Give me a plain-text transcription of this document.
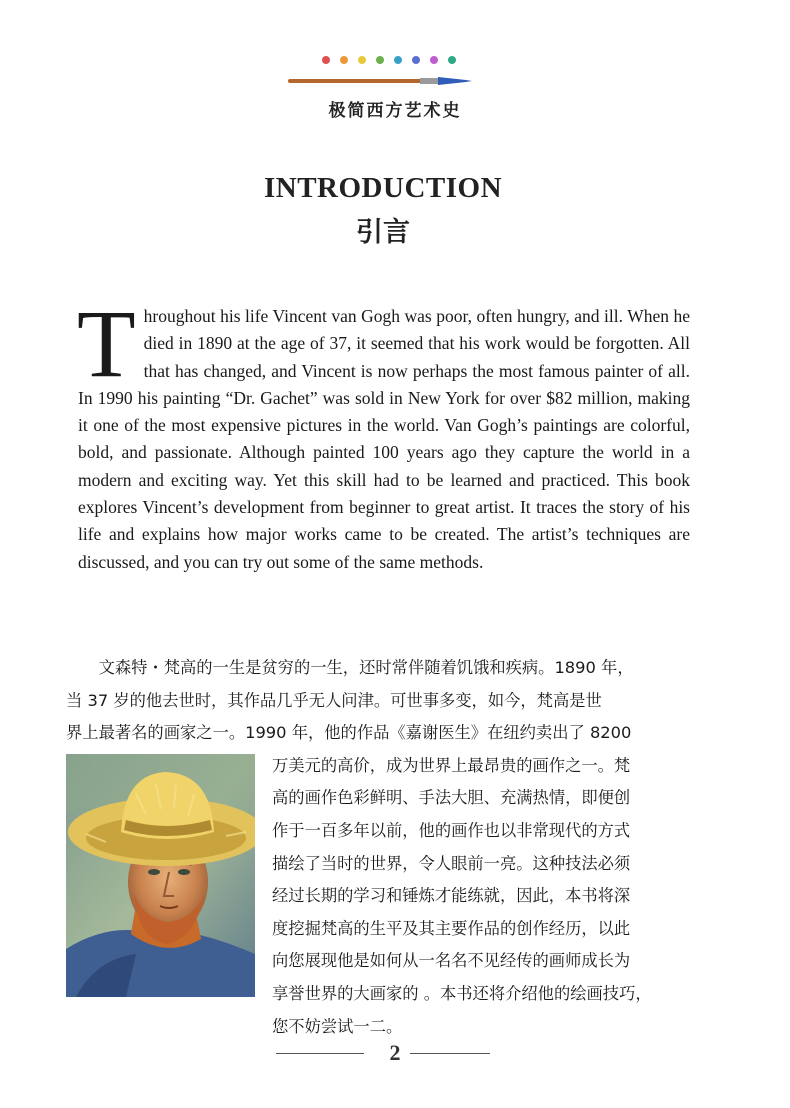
极简西方艺术史
INTRODUCTION
引言

Throughout his life Vincent van Gogh was poor, often hungry, and ill. When he died in 1890 at the age of 37, it seemed that his work would be forgotten. All that has changed, and Vincent is now perhaps the most famous painter of all. In 1990 his painting “Dr. Gachet” was sold in New York for over $82 million, making it one of the most expensive pictures in the world. Van Gogh’s paintings are colorful, bold, and passionate. Although painted 100 years ago they capture the world in a modern and exciting way. Yet this skill had to be learned and practiced. This book explores Vincent’s development from beginner to great artist. It traces the story of his life and explains how major works came to be created. The artist’s techniques are discussed, and you can try out some of the same methods.

　　文森特・梵高的一生是贫穷的一生，还时常伴随着饥饿和疾病。1890 年，
当 37 岁的他去世时，其作品几乎无人问津。可世事多变，如今，梵高是世
界上最著名的画家之一。1990 年，他的作品《嘉谢医生》在纽约卖出了 8200
万美元的高价，成为世界上最昂贵的画作之一。梵
高的画作色彩鲜明、手法大胆、充满热情，即便创
作于一百多年以前，他的画作也以非常现代的方式
描绘了当时的世界，令人眼前一亮。这种技法必须
经过长期的学习和锤炼才能练就，因此，本书将深
度挖掘梵高的生平及其主要作品的创作经历，以此
向您展现他是如何从一名名不见经传的画师成长为
享誉世界的大画家的 。本书还将介绍他的绘画技巧，
您不妨尝试一二。
2
